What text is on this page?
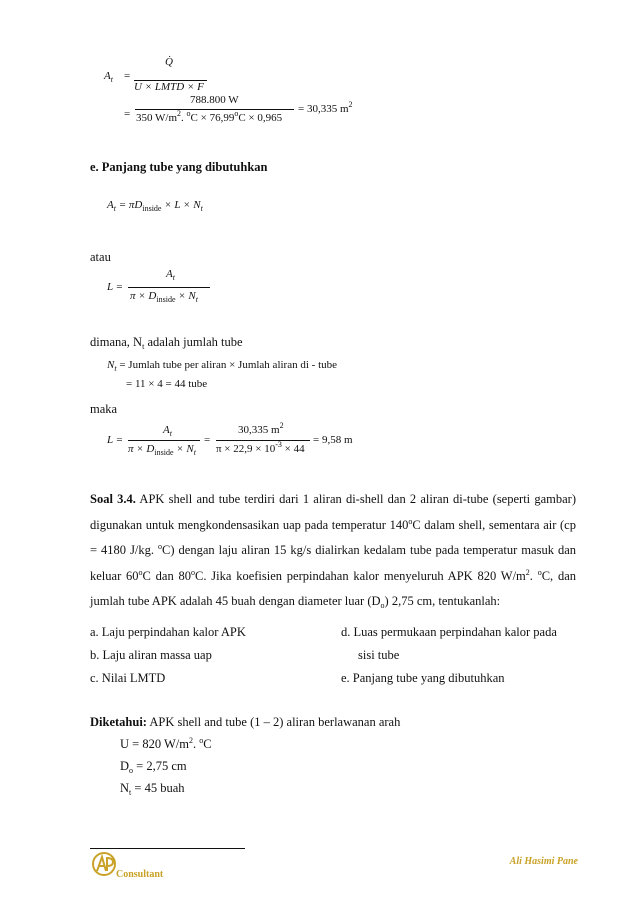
$A_t$ =
Q̇
U × LMTD × F
=
788.800 W
350 $W/m^2$. $^oC \times 76,99^oC \times 0,965$
= 30,335 $m^2$
e. Panjang tube yang dibutuhkan
$A_t = \pi D_{inside} \times L \times N_t$
atau
L =
$A_t$
$\pi \times D_{inside} \times N_t$
dimana, $N_t$ adalah jumlah tube
$N_t$ = Jumlah tube per aliran × Jumlah aliran di - tube
= 11 × 4 = 44 tube
maka
L =
$A_t$
$\pi \times D_{inside} \times N_t$
=
30,335 $m^2$
$\pi \times 22,9 \times 10^{-3} \times 44$
= 9,58 m
Soal 3.4. APK shell and tube terdiri dari 1 aliran di-shell dan 2 aliran di-tube (seperti gambar) digunakan untuk mengkondensasikan uap pada temperatur 140$^o$C dalam shell, sementara air (cp = 4180 J/kg. $^o$C) dengan laju aliran 15 kg/s dialirkan kedalam tube pada temperatur masuk dan keluar 60$^o$C dan 80$^o$C. Jika koefisien perpindahan kalor menyeluruh APK 820 $W/m^2$. $^o$C, dan jumlah tube APK adalah 45 buah dengan diameter luar $(D_o)$ 2,75 cm, tentukanlah:
a. Laju perpindahan kalor APK
b. Laju aliran massa uap
c. Nilai LMTD
d. Luas permukaan perpindahan kalor pada
sisi tube
e. Panjang tube yang dibutuhkan
Diketahui: APK shell and tube (1 – 2) aliran berlawanan arah
U = 820 $W/m^2$. $^o$C
$D_o = 2,75$ cm
$N_t = 45$ buah
Consultant
Ali Hasimi Pane
